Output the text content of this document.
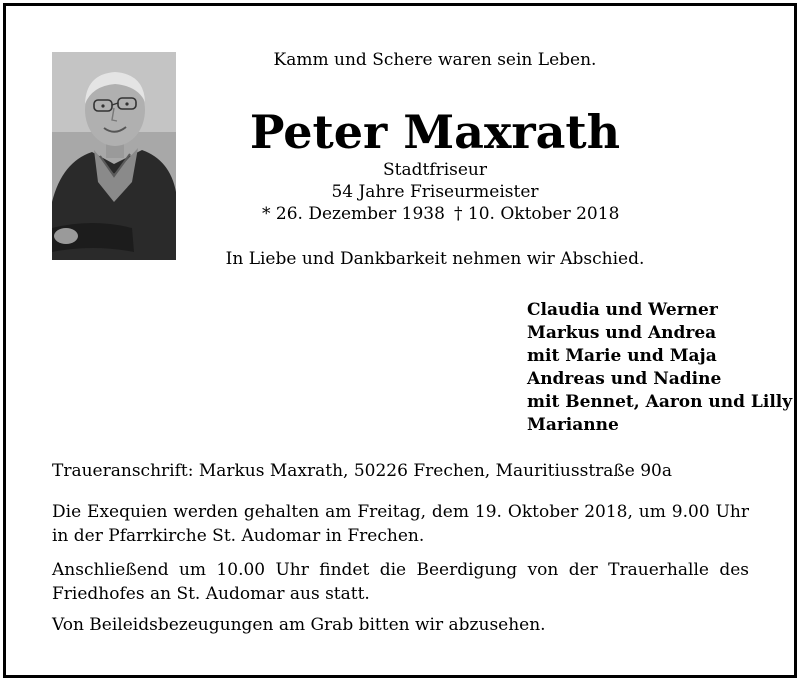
Kamm und Schere waren sein Leben.
Peter Maxrath
Stadtfriseur
54 Jahre Friseurmeister
* 26. Dezember 1938 † 10. Oktober 2018
In Liebe und Dankbarkeit nehmen wir Abschied.
Claudia und Werner
Markus und Andrea
mit Marie und Maja
Andreas und Nadine
mit Bennet, Aaron und Lilly
Marianne
Traueranschrift: Markus Maxrath, 50226 Frechen, Mauritiusstraße 90a
Die Exequien werden gehalten am Freitag, dem 19. Oktober 2018, um 9.00 Uhr in der Pfarrkirche St. Audomar in Frechen.
Anschließend um 10.00 Uhr findet die Beerdigung von der Trauerhalle des Friedhofes an St. Audomar aus statt.
Von Beileidsbezeugungen am Grab bitten wir abzusehen.
